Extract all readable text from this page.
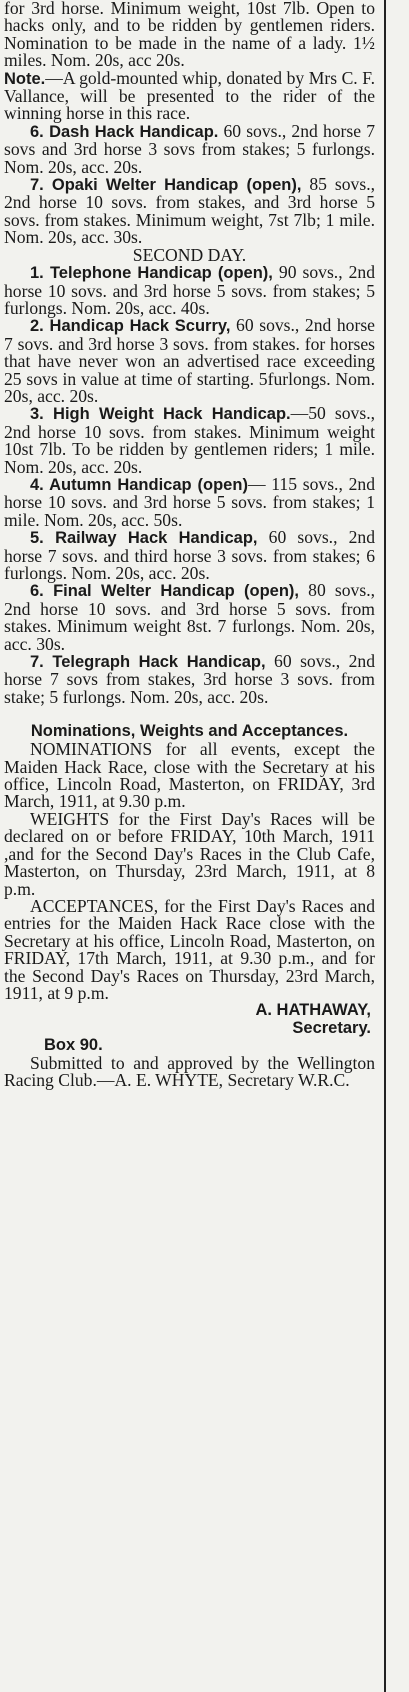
for 3rd horse. Minimum weight, 10st 7lb. Open to hacks only, and to be ridden by gentlemen riders. Nomination to be made in the name of a lady. 1½ miles. Nom. 20s, acc 20s.

Note.—A gold-mounted whip, donated by Mrs C. F. Vallance, will be presented to the rider of the winning horse in this race.

6. Dash Hack Handicap. 60 sovs., 2nd horse 7 sovs and 3rd horse 3 sovs from stakes; 5 furlongs. Nom. 20s, acc. 20s.

7. Opaki Welter Handicap (open), 85 sovs., 2nd horse 10 sovs. from stakes, and 3rd horse 5 sovs. from stakes. Minimum weight, 7st 7lb; 1 mile. Nom. 20s, acc. 30s.

SECOND DAY.

1. Telephone Handicap (open), 90 sovs., 2nd horse 10 sovs. and 3rd horse 5 sovs. from stakes; 5 furlongs. Nom. 20s, acc. 40s.

2. Handicap Hack Scurry, 60 sovs., 2nd horse 7 sovs. and 3rd horse 3 sovs. from stakes. for horses that have never won an advertised race exceeding 25 sovs in value at time of starting. 5furlongs. Nom. 20s, acc. 20s.

3. High Weight Hack Handicap.—50 sovs., 2nd horse 10 sovs. from stakes. Minimum weight 10st 7lb. To be ridden by gentlemen riders; 1 mile. Nom. 20s, acc. 20s.

4. Autumn Handicap (open)— 115 sovs., 2nd horse 10 sovs. and 3rd horse 5 sovs. from stakes; 1 mile. Nom. 20s, acc. 50s.

5. Railway Hack Handicap, 60 sovs., 2nd horse 7 sovs. and third horse 3 sovs. from stakes; 6 furlongs. Nom. 20s, acc. 20s.

6. Final Welter Handicap (open), 80 sovs., 2nd horse 10 sovs. and 3rd horse 5 sovs. from stakes. Minimum weight 8st. 7 furlongs. Nom. 20s, acc. 30s.

7. Telegraph Hack Handicap, 60 sovs., 2nd horse 7 sovs from stakes, 3rd horse 3 sovs. from stake; 5 furlongs. Nom. 20s, acc. 20s.

Nominations, Weights and Acceptances.

NOMINATIONS for all events, except the Maiden Hack Race, close with the Secretary at his office, Lincoln Road, Masterton, on FRIDAY, 3rd March, 1911, at 9.30 p.m.

WEIGHTS for the First Day's Races will be declared on or before FRIDAY, 10th March, 1911 ,and for the Second Day's Races in the Club Cafe, Masterton, on Thursday, 23rd March, 1911, at 8 p.m.

ACCEPTANCES, for the First Day's Races and entries for the Maiden Hack Race close with the Secretary at his office, Lincoln Road, Masterton, on FRIDAY, 17th March, 1911, at 9.30 p.m., and for the Second Day's Races on Thursday, 23rd March, 1911, at 9 p.m.

A. HATHAWAY,

Secretary.

Box 90.

Submitted to and approved by the Wellington Racing Club.—A. E. WHYTE, Secretary W.R.C.
